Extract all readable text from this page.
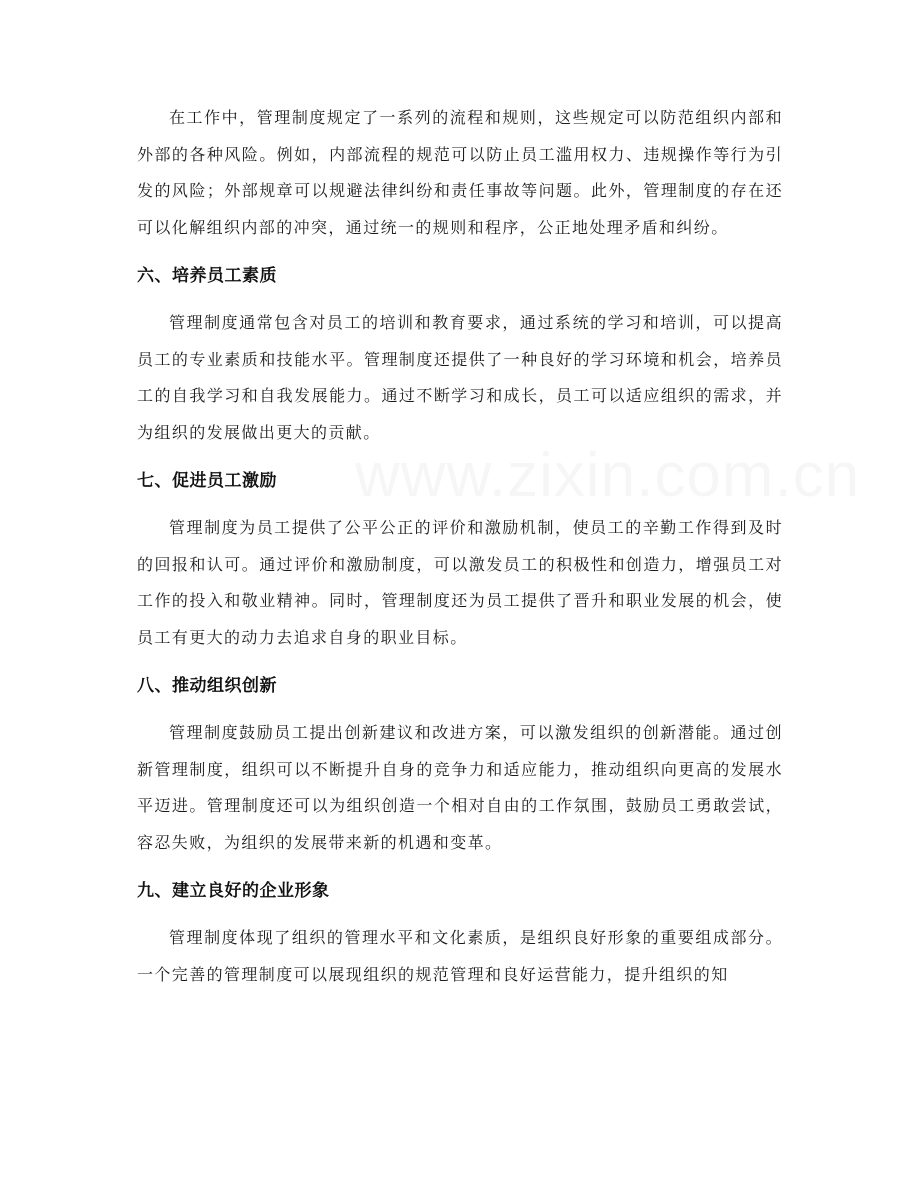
在工作中，管理制度规定了一系列的流程和规则，这些规定可以防范组织内部和外部的各种风险。例如，内部流程的规范可以防止员工滥用权力、违规操作等行为引发的风险；外部规章可以规避法律纠纷和责任事故等问题。此外，管理制度的存在还可以化解组织内部的冲突，通过统一的规则和程序，公正地处理矛盾和纠纷。

六、培养员工素质

管理制度通常包含对员工的培训和教育要求，通过系统的学习和培训，可以提高员工的专业素质和技能水平。管理制度还提供了一种良好的学习环境和机会，培养员工的自我学习和自我发展能力。通过不断学习和成长，员工可以适应组织的需求，并为组织的发展做出更大的贡献。

七、促进员工激励

管理制度为员工提供了公平公正的评价和激励机制，使员工的辛勤工作得到及时的回报和认可。通过评价和激励制度，可以激发员工的积极性和创造力，增强员工对工作的投入和敬业精神。同时，管理制度还为员工提供了晋升和职业发展的机会，使员工有更大的动力去追求自身的职业目标。

八、推动组织创新

管理制度鼓励员工提出创新建议和改进方案，可以激发组织的创新潜能。通过创新管理制度，组织可以不断提升自身的竞争力和适应能力，推动组织向更高的发展水平迈进。管理制度还可以为组织创造一个相对自由的工作氛围，鼓励员工勇敢尝试，容忍失败，为组织的发展带来新的机遇和变革。

九、建立良好的企业形象

管理制度体现了组织的管理水平和文化素质，是组织良好形象的重要组成部分。一个完善的管理制度可以展现组织的规范管理和良好运营能力，提升组织的知
